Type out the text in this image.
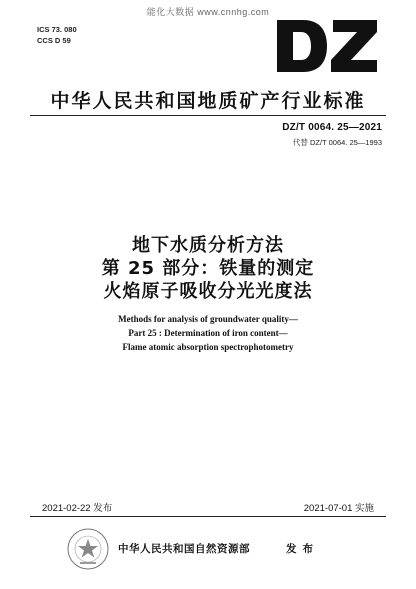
能化大数据 www.cnnhg.com
ICS 73. 080
CCS D 59
中华人民共和国地质矿产行业标准
DZ/T 0064. 25—2021
代替 DZ/T 0064. 25—1993
地下水质分析方法
第 25 部分：铁量的测定
火焰原子吸收分光光度法
Methods for analysis of groundwater quality—
Part 25 : Determination of iron content—
Flame atomic absorption spectrophotometry
2021-02-22 发布	2021-07-01 实施
中华人民共和国自然资源部	发布
